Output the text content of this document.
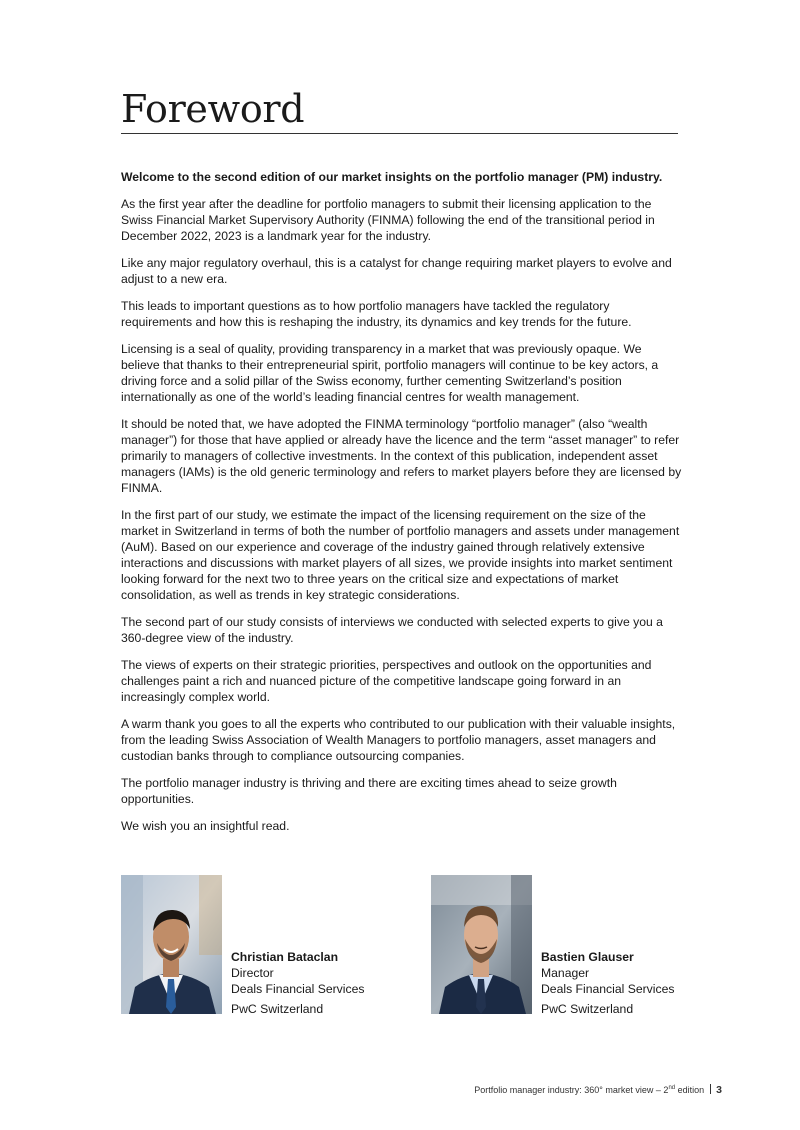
Foreword

Welcome to the second edition of our market insights on the portfolio manager (PM) industry.

As the first year after the deadline for portfolio managers to submit their licensing application to the Swiss Financial Market Supervisory Authority (FINMA) following the end of the transitional period in December 2022, 2023 is a landmark year for the industry.

Like any major regulatory overhaul, this is a catalyst for change requiring market players to evolve and adjust to a new era.

This leads to important questions as to how portfolio managers have tackled the regulatory requirements and how this is reshaping the industry, its dynamics and key trends for the future.

Licensing is a seal of quality, providing transparency in a market that was previously opaque. We believe that thanks to their entrepreneurial spirit, portfolio managers will continue to be key actors, a driving force and a solid pillar of the Swiss economy, further cementing Switzerland’s position internationally as one of the world’s leading financial centres for wealth management.

It should be noted that, we have adopted the FINMA terminology “portfolio manager” (also “wealth manager”) for those that have applied or already have the licence and the term “asset manager” to refer primarily to managers of collective investments. In the context of this publication, independent asset managers (IAMs) is the old generic terminology and refers to market players before they are licensed by FINMA.

In the first part of our study, we estimate the impact of the licensing requirement on the size of the market in Switzerland in terms of both the number of portfolio managers and assets under management (AuM). Based on our experience and coverage of the industry gained through relatively extensive interactions and discussions with market players of all sizes, we provide insights into market sentiment looking forward for the next two to three years on the critical size and expectations of market consolidation, as well as trends in key strategic considerations.

The second part of our study consists of interviews we conducted with selected experts to give you a 360-degree view of the industry.

The views of experts on their strategic priorities, perspectives and outlook on the opportunities and challenges paint a rich and nuanced picture of the competitive landscape going forward in an increasingly complex world.

A warm thank you goes to all the experts who contributed to our publication with their valuable insights, from the leading Swiss Association of Wealth Managers to portfolio managers, asset managers and custodian banks through to compliance outsourcing companies.

The portfolio manager industry is thriving and there are exciting times ahead to seize growth opportunities.

We wish you an insightful read.

Christian Bataclan
Director
Deals Financial Services
PwC Switzerland
Bastien Glauser
Manager
Deals Financial Services
PwC Switzerland
Portfolio manager industry: 360° market view – 2nd edition 3
